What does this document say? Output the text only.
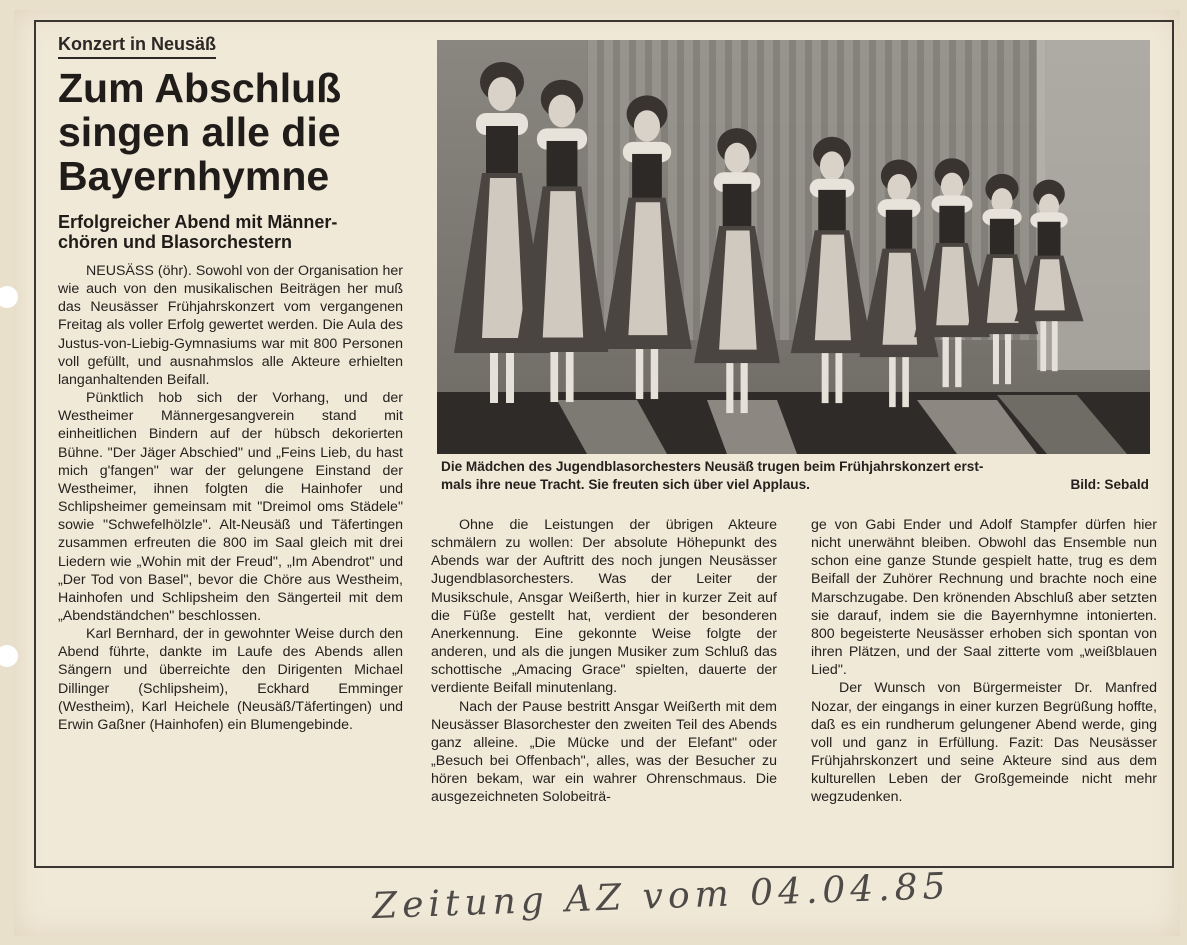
Konzert in Neusäß
Zum Abschluß
singen alle die
Bayernhymne
Erfolgreicher Abend mit Männer-
chören und Blasorchestern

NEUSÄSS (öhr). Sowohl von der Organisation her wie auch von den musikalischen Beiträgen her muß das Neusässer Frühjahrskonzert vom vergangenen Freitag als voller Erfolg gewertet werden. Die Aula des Justus-von-Liebig-Gymnasiums war mit 800 Personen voll gefüllt, und ausnahmslos alle Akteure erhielten langanhaltenden Beifall.

Pünktlich hob sich der Vorhang, und der Westheimer Männergesangverein stand mit einheitlichen Bindern auf der hübsch dekorierten Bühne. "Der Jäger Abschied" und „Feins Lieb, du hast mich g'fangen" war der gelungene Einstand der Westheimer, ihnen folgten die Hainhofer und Schlipsheimer gemeinsam mit "Dreimol oms Städele" sowie "Schwefelhölzle". Alt-Neusäß und Täfertingen zusammen erfreuten die 800 im Saal gleich mit drei Liedern wie „Wohin mit der Freud", „Im Abendrot" und „Der Tod von Basel", bevor die Chöre aus Westheim, Hainhofen und Schlipsheim den Sängerteil mit dem „Abendständchen" beschlossen.

Karl Bernhard, der in gewohnter Weise durch den Abend führte, dankte im Laufe des Abends allen Sängern und überreichte den Dirigenten Michael Dillinger (Schlipsheim), Eckhard Emminger (Westheim), Karl Heichele (Neusäß/Täfertingen) und Erwin Gaßner (Hainhofen) ein Blumengebinde.

Die Mädchen des Jugendblasorchesters Neusäß trugen beim Frühjahrskonzert erst-
mals ihre neue Tracht. Sie freuten sich über viel Applaus.	Bild: Sebald

Ohne die Leistungen der übrigen Akteure schmälern zu wollen: Der absolute Höhepunkt des Abends war der Auftritt des noch jungen Neusässer Jugendblasorchesters. Was der Leiter der Musikschule, Ansgar Weißerth, hier in kurzer Zeit auf die Füße gestellt hat, verdient der besonderen Anerkennung. Eine gekonnte Weise folgte der anderen, und als die jungen Musiker zum Schluß das schottische „Amacing Grace" spielten, dauerte der verdiente Beifall minutenlang.

Nach der Pause bestritt Ansgar Weißerth mit dem Neusässer Blasorchester den zweiten Teil des Abends ganz alleine. „Die Mücke und der Elefant" oder „Besuch bei Offenbach", alles, was der Besucher zu hören bekam, war ein wahrer Ohrenschmaus. Die ausgezeichneten Solobeiträ-

ge von Gabi Ender und Adolf Stampfer dürfen hier nicht unerwähnt bleiben. Obwohl das Ensemble nun schon eine ganze Stunde gespielt hatte, trug es dem Beifall der Zuhörer Rechnung und brachte noch eine Marschzugabe. Den krönenden Abschluß aber setzten sie darauf, indem sie die Bayernhymne intonierten. 800 begeisterte Neusässer erhoben sich spontan von ihren Plätzen, und der Saal zitterte vom „weißblauen Lied".

Der Wunsch von Bürgermeister Dr. Manfred Nozar, der eingangs in einer kurzen Begrüßung hoffte, daß es ein rundherum gelungener Abend werde, ging voll und ganz in Erfüllung. Fazit: Das Neusässer Frühjahrskonzert und seine Akteure sind aus dem kulturellen Leben der Großgemeinde nicht mehr wegzudenken.

Zeitung AZ vom 04.04.85
